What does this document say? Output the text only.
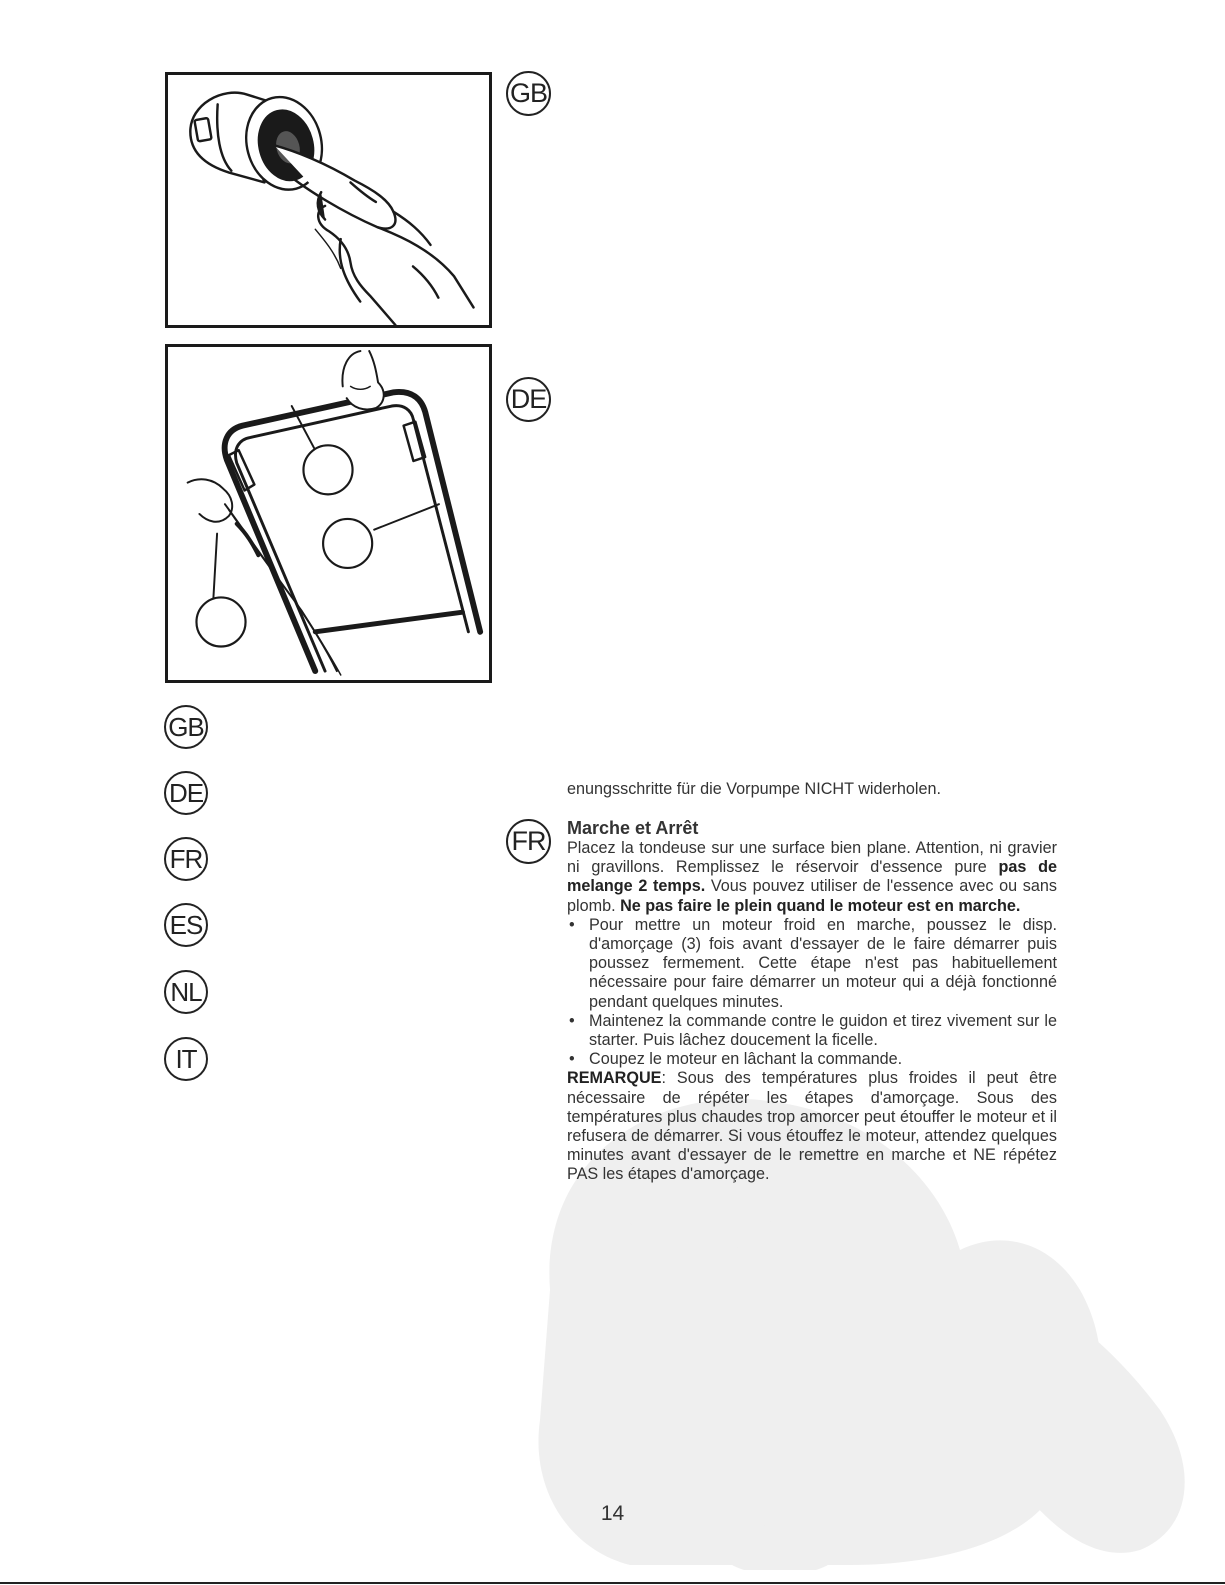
GB
DE
GB
DE
FR
ES
NL
IT
FR
enungsschritte für die Vorpumpe NICHT widerholen.
Marche et Arrêt
Placez la tondeuse sur une surface bien plane. Attention, ni gravier ni gravillons. Remplissez le réservoir d'essence pure pas de melange 2 temps. Vous pouvez utiliser de l'essence avec ou sans plomb. Ne pas faire le plein quand le moteur est en marche.
• Pour mettre un moteur froid en marche, poussez le disp. d'amorçage (3) fois avant d'essayer de le faire démarrer puis poussez fermement. Cette étape n'est pas habituellement nécessaire pour faire démarrer un moteur qui a déjà fonctionné pendant quelques minutes.
• Maintenez la commande contre le guidon et tirez vivement sur le starter. Puis lâchez doucement la ficelle.
• Coupez le moteur en lâchant la commande.
REMARQUE: Sous des températures plus froides il peut être nécessaire de répéter les étapes d'amorçage. Sous des températures plus chaudes trop amorcer peut étouffer le moteur et il refusera de démarrer. Si vous étouffez le moteur, attendez quelques minutes avant d'essayer de le remettre en marche et NE répétez PAS les étapes d'amorçage.
14
